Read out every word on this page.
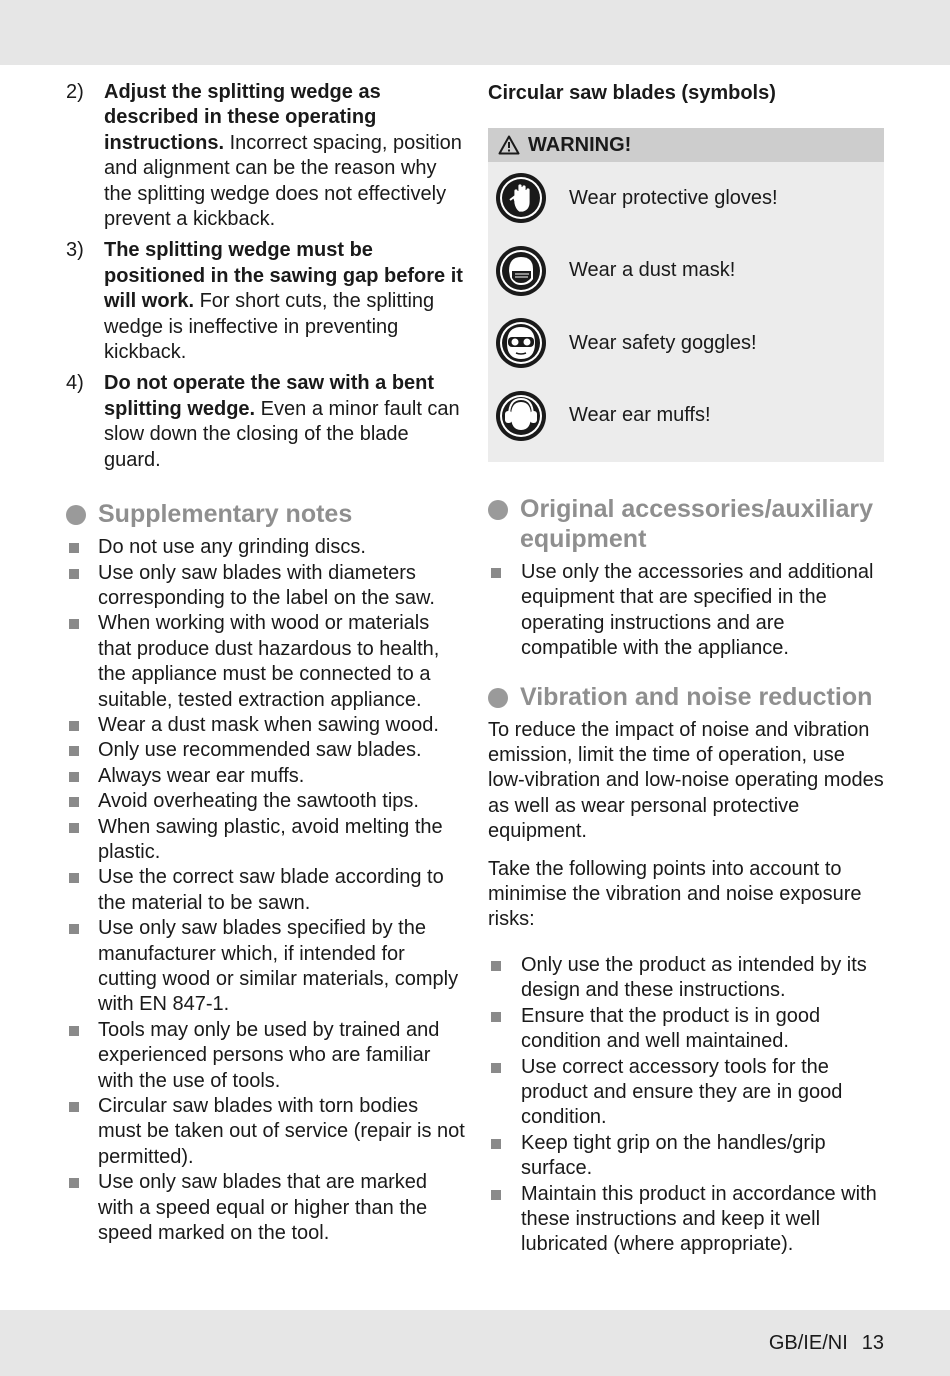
2) Adjust the splitting wedge as described in these operating instructions. Incorrect spacing, position and alignment can be the reason why the splitting wedge does not effectively prevent a kickback.
3) The splitting wedge must be positioned in the sawing gap before it will work. For short cuts, the splitting wedge is ineffective in preventing kickback.
4) Do not operate the saw with a bent splitting wedge. Even a minor fault can slow down the closing of the blade guard.
Supplementary notes
Do not use any grinding discs.
Use only saw blades with diameters corresponding to the label on the saw.
When working with wood or materials that produce dust hazardous to health, the appliance must be connected to a suitable, tested extraction appliance.
Wear a dust mask when sawing wood.
Only use recommended saw blades.
Always wear ear muffs.
Avoid overheating the sawtooth tips.
When sawing plastic, avoid melting the plastic.
Use the correct saw blade according to the material to be sawn.
Use only saw blades specified by the manufacturer which, if intended for cutting wood or similar materials, comply with EN 847-1.
Tools may only be used by trained and experienced persons who are familiar with the use of tools.
Circular saw blades with torn bodies must be taken out of service (repair is not permitted).
Use only saw blades that are marked with a speed equal or higher than the speed marked on the tool.
Circular saw blades (symbols)
WARNING!
Wear protective gloves!
Wear a dust mask!
Wear safety goggles!
Wear ear muffs!
Original accessories/auxiliary equipment
Use only the accessories and additional equipment that are specified in the operating instructions and are compatible with the appliance.
Vibration and noise reduction

To reduce the impact of noise and vibration emission, limit the time of operation, use low-vibration and low-noise operating modes as well as wear personal protective equipment.

Take the following points into account to minimise the vibration and noise exposure risks:

Only use the product as intended by its design and these instructions.
Ensure that the product is in good condition and well maintained.
Use correct accessory tools for the product and ensure they are in good condition.
Keep tight grip on the handles/grip surface.
Maintain this product in accordance with these instructions and keep it well lubricated (where appropriate).
GB/IE/NI 13
